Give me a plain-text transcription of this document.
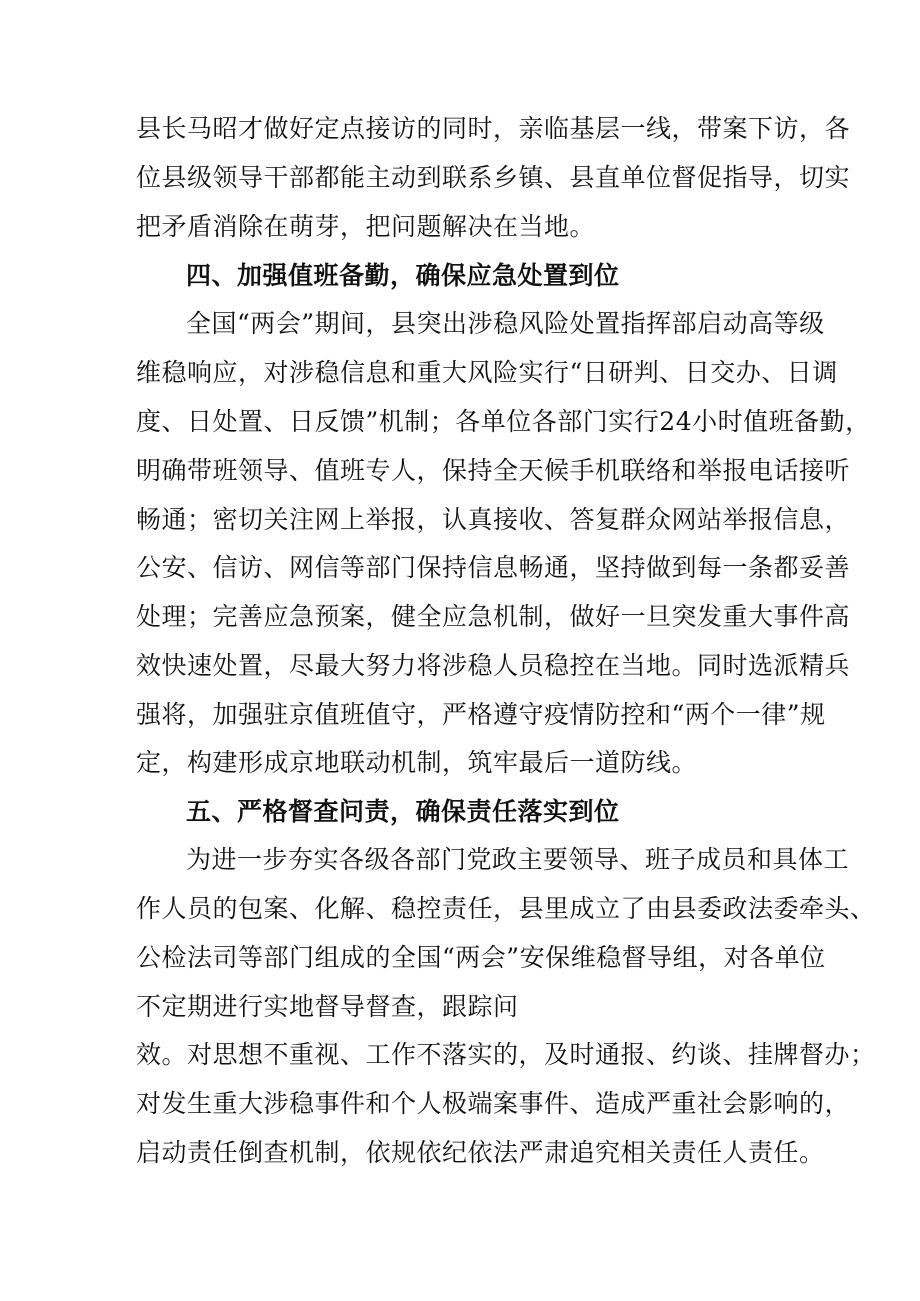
县长马昭才做好定点接访的同时，亲临基层一线，带案下访，各
位县级领导干部都能主动到联系乡镇、县直单位督促指导，切实
把矛盾消除在萌芽，把问题解决在当地。
四、加强值班备勤，确保应急处置到位
全国“两会”期间，县突出涉稳风险处置指挥部启动高等级
维稳响应，对涉稳信息和重大风险实行“日研判、日交办、日调
度、日处置、日反馈”机制；各单位各部门实行24小时值班备勤，
明确带班领导、值班专人，保持全天候手机联络和举报电话接听
畅通；密切关注网上举报，认真接收、答复群众网站举报信息，
公安、信访、网信等部门保持信息畅通，坚持做到每一条都妥善
处理；完善应急预案，健全应急机制，做好一旦突发重大事件高
效快速处置，尽最大努力将涉稳人员稳控在当地。同时选派精兵
强将，加强驻京值班值守，严格遵守疫情防控和“两个一律”规
定，构建形成京地联动机制，筑牢最后一道防线。
五、严格督查问责，确保责任落实到位
为进一步夯实各级各部门党政主要领导、班子成员和具体工
作人员的包案、化解、稳控责任，县里成立了由县委政法委牵头、
公检法司等部门组成的全国“两会”安保维稳督导组，对各单位
不定期进行实地督导督查，跟踪问
效。对思想不重视、工作不落实的，及时通报、约谈、挂牌督办；
对发生重大涉稳事件和个人极端案事件、造成严重社会影响的，
启动责任倒查机制，依规依纪依法严肃追究相关责任人责任。
